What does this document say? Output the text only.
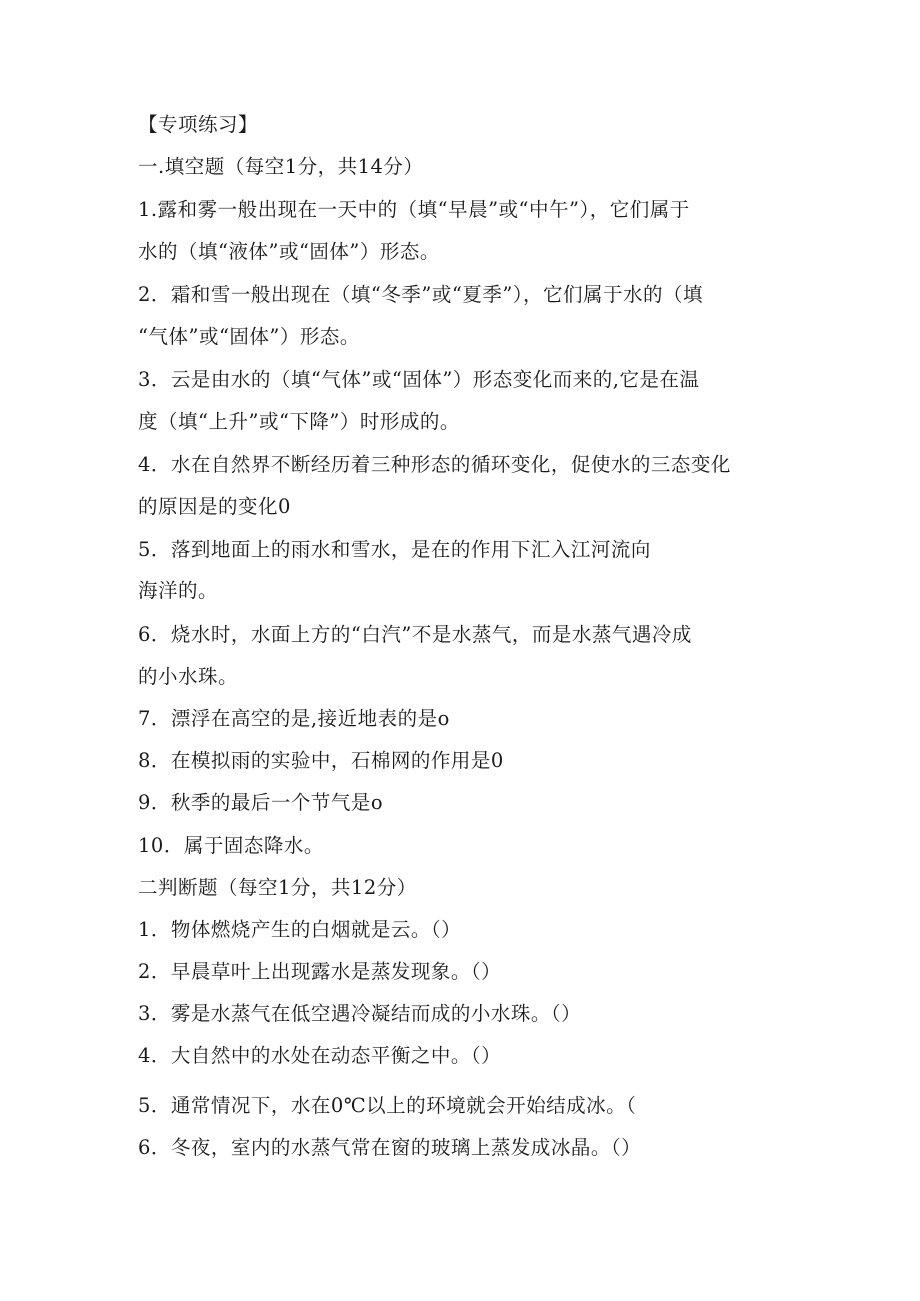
【专项练习】
一.填空题（每空1分，共14分）
1.露和雾一般出现在一天中的（填“早晨”或“中午”），它们属于
水的（填“液体”或“固体”）形态。
2．霜和雪一般出现在（填“冬季”或“夏季”），它们属于水的（填
“气体”或“固体”）形态。
3．云是由水的（填“气体”或“固体”）形态变化而来的,它是在温
度（填“上升”或“下降”）时形成的。
4．水在自然界不断经历着三种形态的循环变化，促使水的三态变化
的原因是的变化0
5．落到地面上的雨水和雪水，是在的作用下汇入江河流向
海洋的。
6．烧水时，水面上方的“白汽”不是水蒸气，而是水蒸气遇冷成
的小水珠。
7．漂浮在高空的是,接近地表的是o
8．在模拟雨的实验中，石棉网的作用是0
9．秋季的最后一个节气是o
10．属于固态降水。
二判断题（每空1分，共12分）
1．物体燃烧产生的白烟就是云。（）
2．早晨草叶上出现露水是蒸发现象。（）
3．雾是水蒸气在低空遇冷凝结而成的小水珠。（）
4．大自然中的水处在动态平衡之中。（）
5．通常情况下，水在0℃以上的环境就会开始结成冰。（
6．冬夜，室内的水蒸气常在窗的玻璃上蒸发成冰晶。（）
